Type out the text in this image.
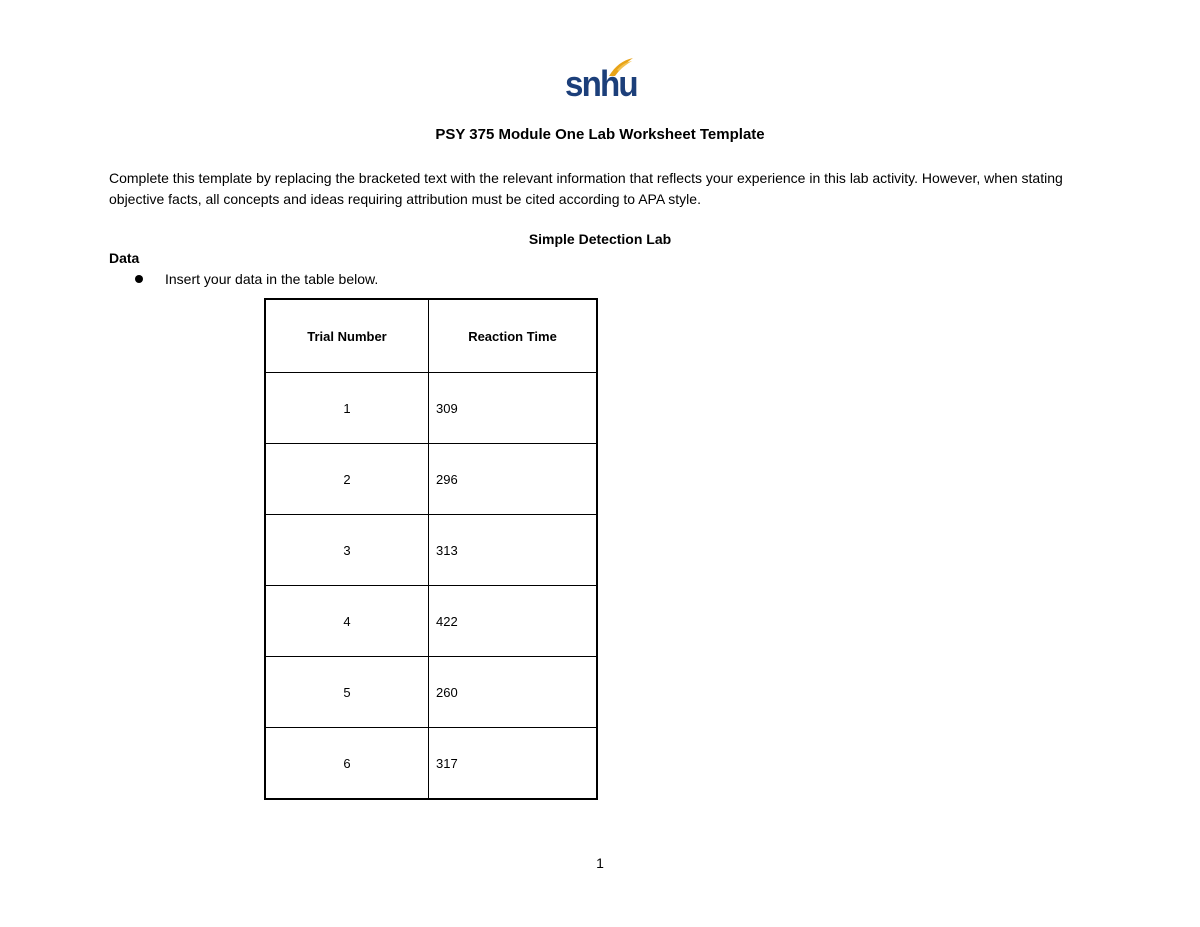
snhu
PSY 375 Module One Lab Worksheet Template
Complete this template by replacing the bracketed text with the relevant information that reflects your experience in this lab activity. However, when stating objective facts, all concepts and ideas requiring attribution must be cited according to APA style.
Simple Detection Lab
Data
Insert your data in the table below.
Trial Number	Reaction Time
1	309
2	296
3	313
4	422
5	260
6	317
1
